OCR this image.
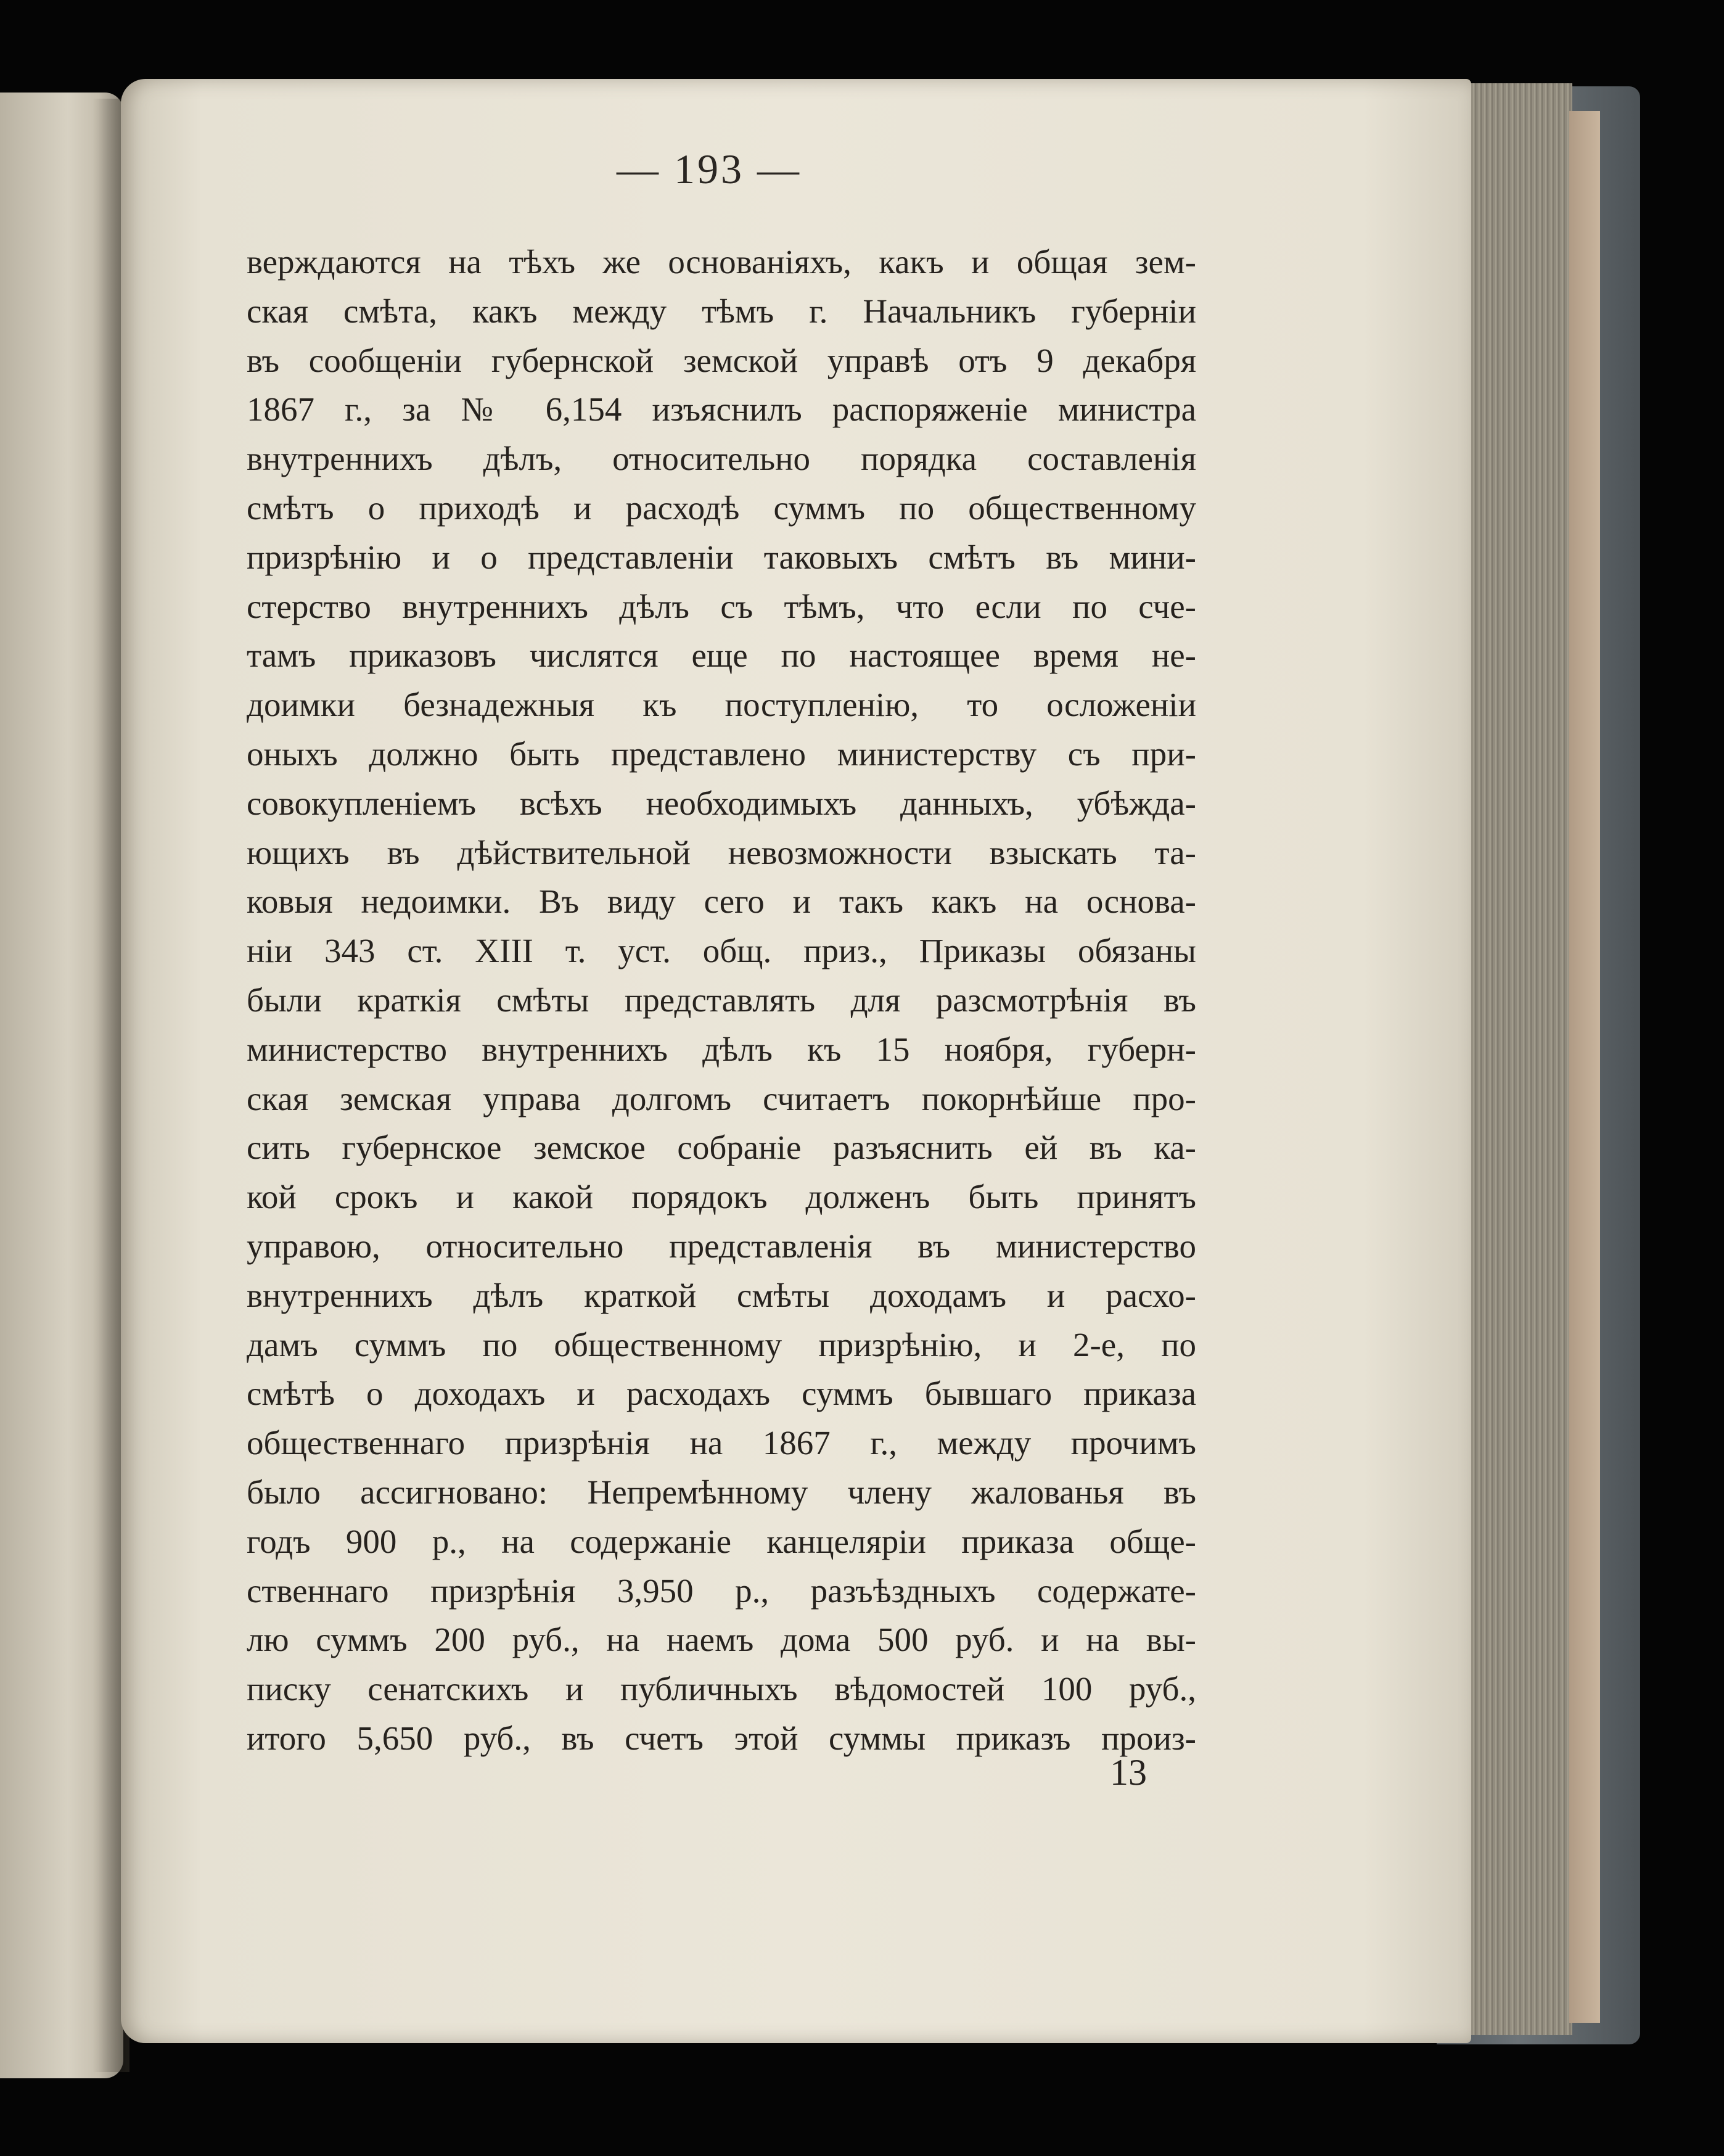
— 193 —
верждаются на тѣхъ же основаніяхъ, какъ и общая зем-
ская смѣта, какъ между тѣмъ г. Начальникъ губерніи
въ сообщеніи губернской земской управѣ отъ 9 декабря
1867 г., за № 6,154 изъяснилъ распоряженіе министра
внутреннихъ дѣлъ, относительно порядка составленія
смѣтъ о приходѣ и расходѣ суммъ по общественному
призрѣнію и о представленіи таковыхъ смѣтъ въ мини-
стерство внутреннихъ дѣлъ съ тѣмъ, что если по сче-
тамъ приказовъ числятся еще по настоящее время не-
доимки безнадежныя къ поступленію, то осложеніи
оныхъ должно быть представлено министерству съ при-
совокупленіемъ всѣхъ необходимыхъ данныхъ, убѣжда-
ющихъ въ дѣйствительной невозможности взыскать та-
ковыя недоимки. Въ виду сего и такъ какъ на основа-
ніи 343 ст. XIII т. уст. общ. приз., Приказы обязаны
были краткія смѣты представлять для разсмотрѣнія въ
министерство внутреннихъ дѣлъ къ 15 ноября, губерн-
ская земская управа долгомъ считаетъ покорнѣйше про-
сить губернское земское собраніе разъяснить ей въ ка-
кой срокъ и какой порядокъ долженъ быть принятъ
управою, относительно представленія въ министерство
внутреннихъ дѣлъ краткой смѣты доходамъ и расхо-
дамъ суммъ по общественному призрѣнію, и 2-е, по
смѣтѣ о доходахъ и расходахъ суммъ бывшаго приказа
общественнаго призрѣнія на 1867 г., между прочимъ
было ассигновано: Непремѣнному члену жалованья въ
годъ 900 р., на содержаніе канцеляріи приказа обще-
ственнаго призрѣнія 3,950 р., разъѣздныхъ содержате-
лю суммъ 200 руб., на наемъ дома 500 руб. и на вы-
писку сенатскихъ и публичныхъ вѣдомостей 100 руб.,
итого 5,650 руб., въ счетъ этой суммы приказъ произ-
13
